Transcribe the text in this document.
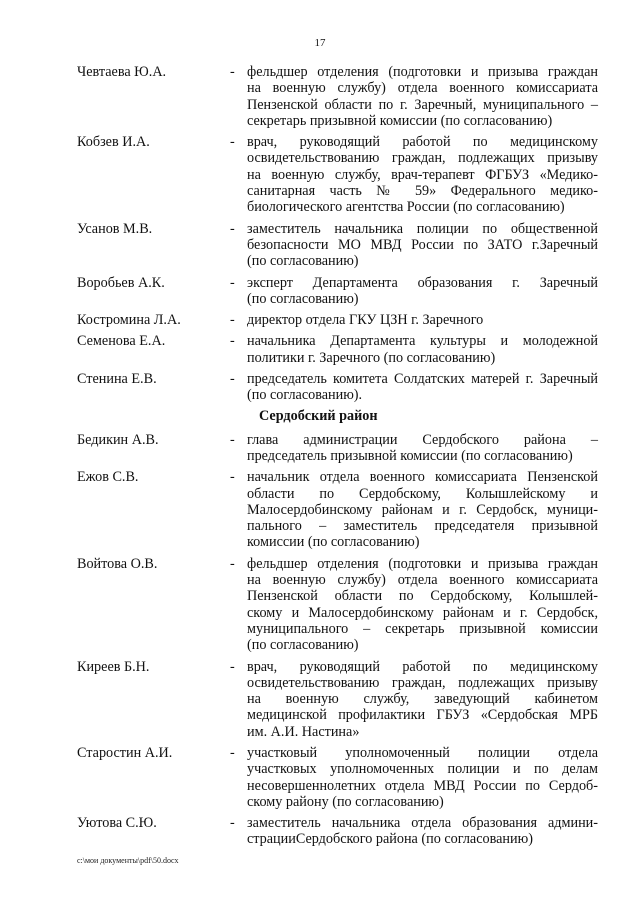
17
Чевтаева Ю.А.	- фельдшер отделения (подготовки и призыва граждан
на военную службу) отдела военного комиссариата
Пензенской области по г. Заречный, муниципального –
секретарь призывной комиссии (по согласованию)
Кобзев И.А.	- врач, руководящий работой по медицинскому
освидетельствованию граждан, подлежащих призыву
на военную службу, врач-терапевт ФГБУЗ «Медико-
санитарная часть № 59» Федерального медико-
биологического агентства России (по согласованию)
Усанов М.В.	- заместитель начальника полиции по общественной
безопасности МО МВД России по ЗАТО г.Заречный
(по согласованию)
Воробьев А.К.	- эксперт Департамента образования г. Заречный
(по согласованию)
Костромина Л.А.	- директор отдела ГКУ ЦЗН г. Заречного
Семенова Е.А.	- начальника Департамента культуры и молодежной
политики г. Заречного (по согласованию)
Стенина Е.В.	- председатель комитета Солдатских матерей г. Заречный
(по согласованию).
Сердобский район
Бедикин А.В.	- глава администрации Сердобского района –
председатель призывной комиссии (по согласованию)
Ежов С.В.	- начальник отдела военного комиссариата Пензенской
области по Сердобскому, Колышлейскому и
Малосердобинскому районам и г. Сердобск, муници-
пального – заместитель председателя призывной
комиссии (по согласованию)
Войтова О.В.	- фельдшер отделения (подготовки и призыва граждан
на военную службу) отдела военного комиссариата
Пензенской области по Сердобскому, Колышлей-
скому и Малосердобинскому районам и г. Сердобск,
муниципального – секретарь призывной комиссии
(по согласованию)
Киреев Б.Н.	- врач, руководящий работой по медицинскому
освидетельствованию граждан, подлежащих призыву
на военную службу, заведующий кабинетом
медицинской профилактики ГБУЗ «Сердобская МРБ
им. А.И. Настина»
Старостин А.И.	- участковый уполномоченный полиции отдела
участковых уполномоченных полиции и по делам
несовершеннолетних отдела МВД России по Сердоб-
скому району (по согласованию)
Уютова С.Ю.	- заместитель начальника отдела образования админи-
страцииСердобского района (по согласованию)
c:\мои документы\pdf\50.docx
